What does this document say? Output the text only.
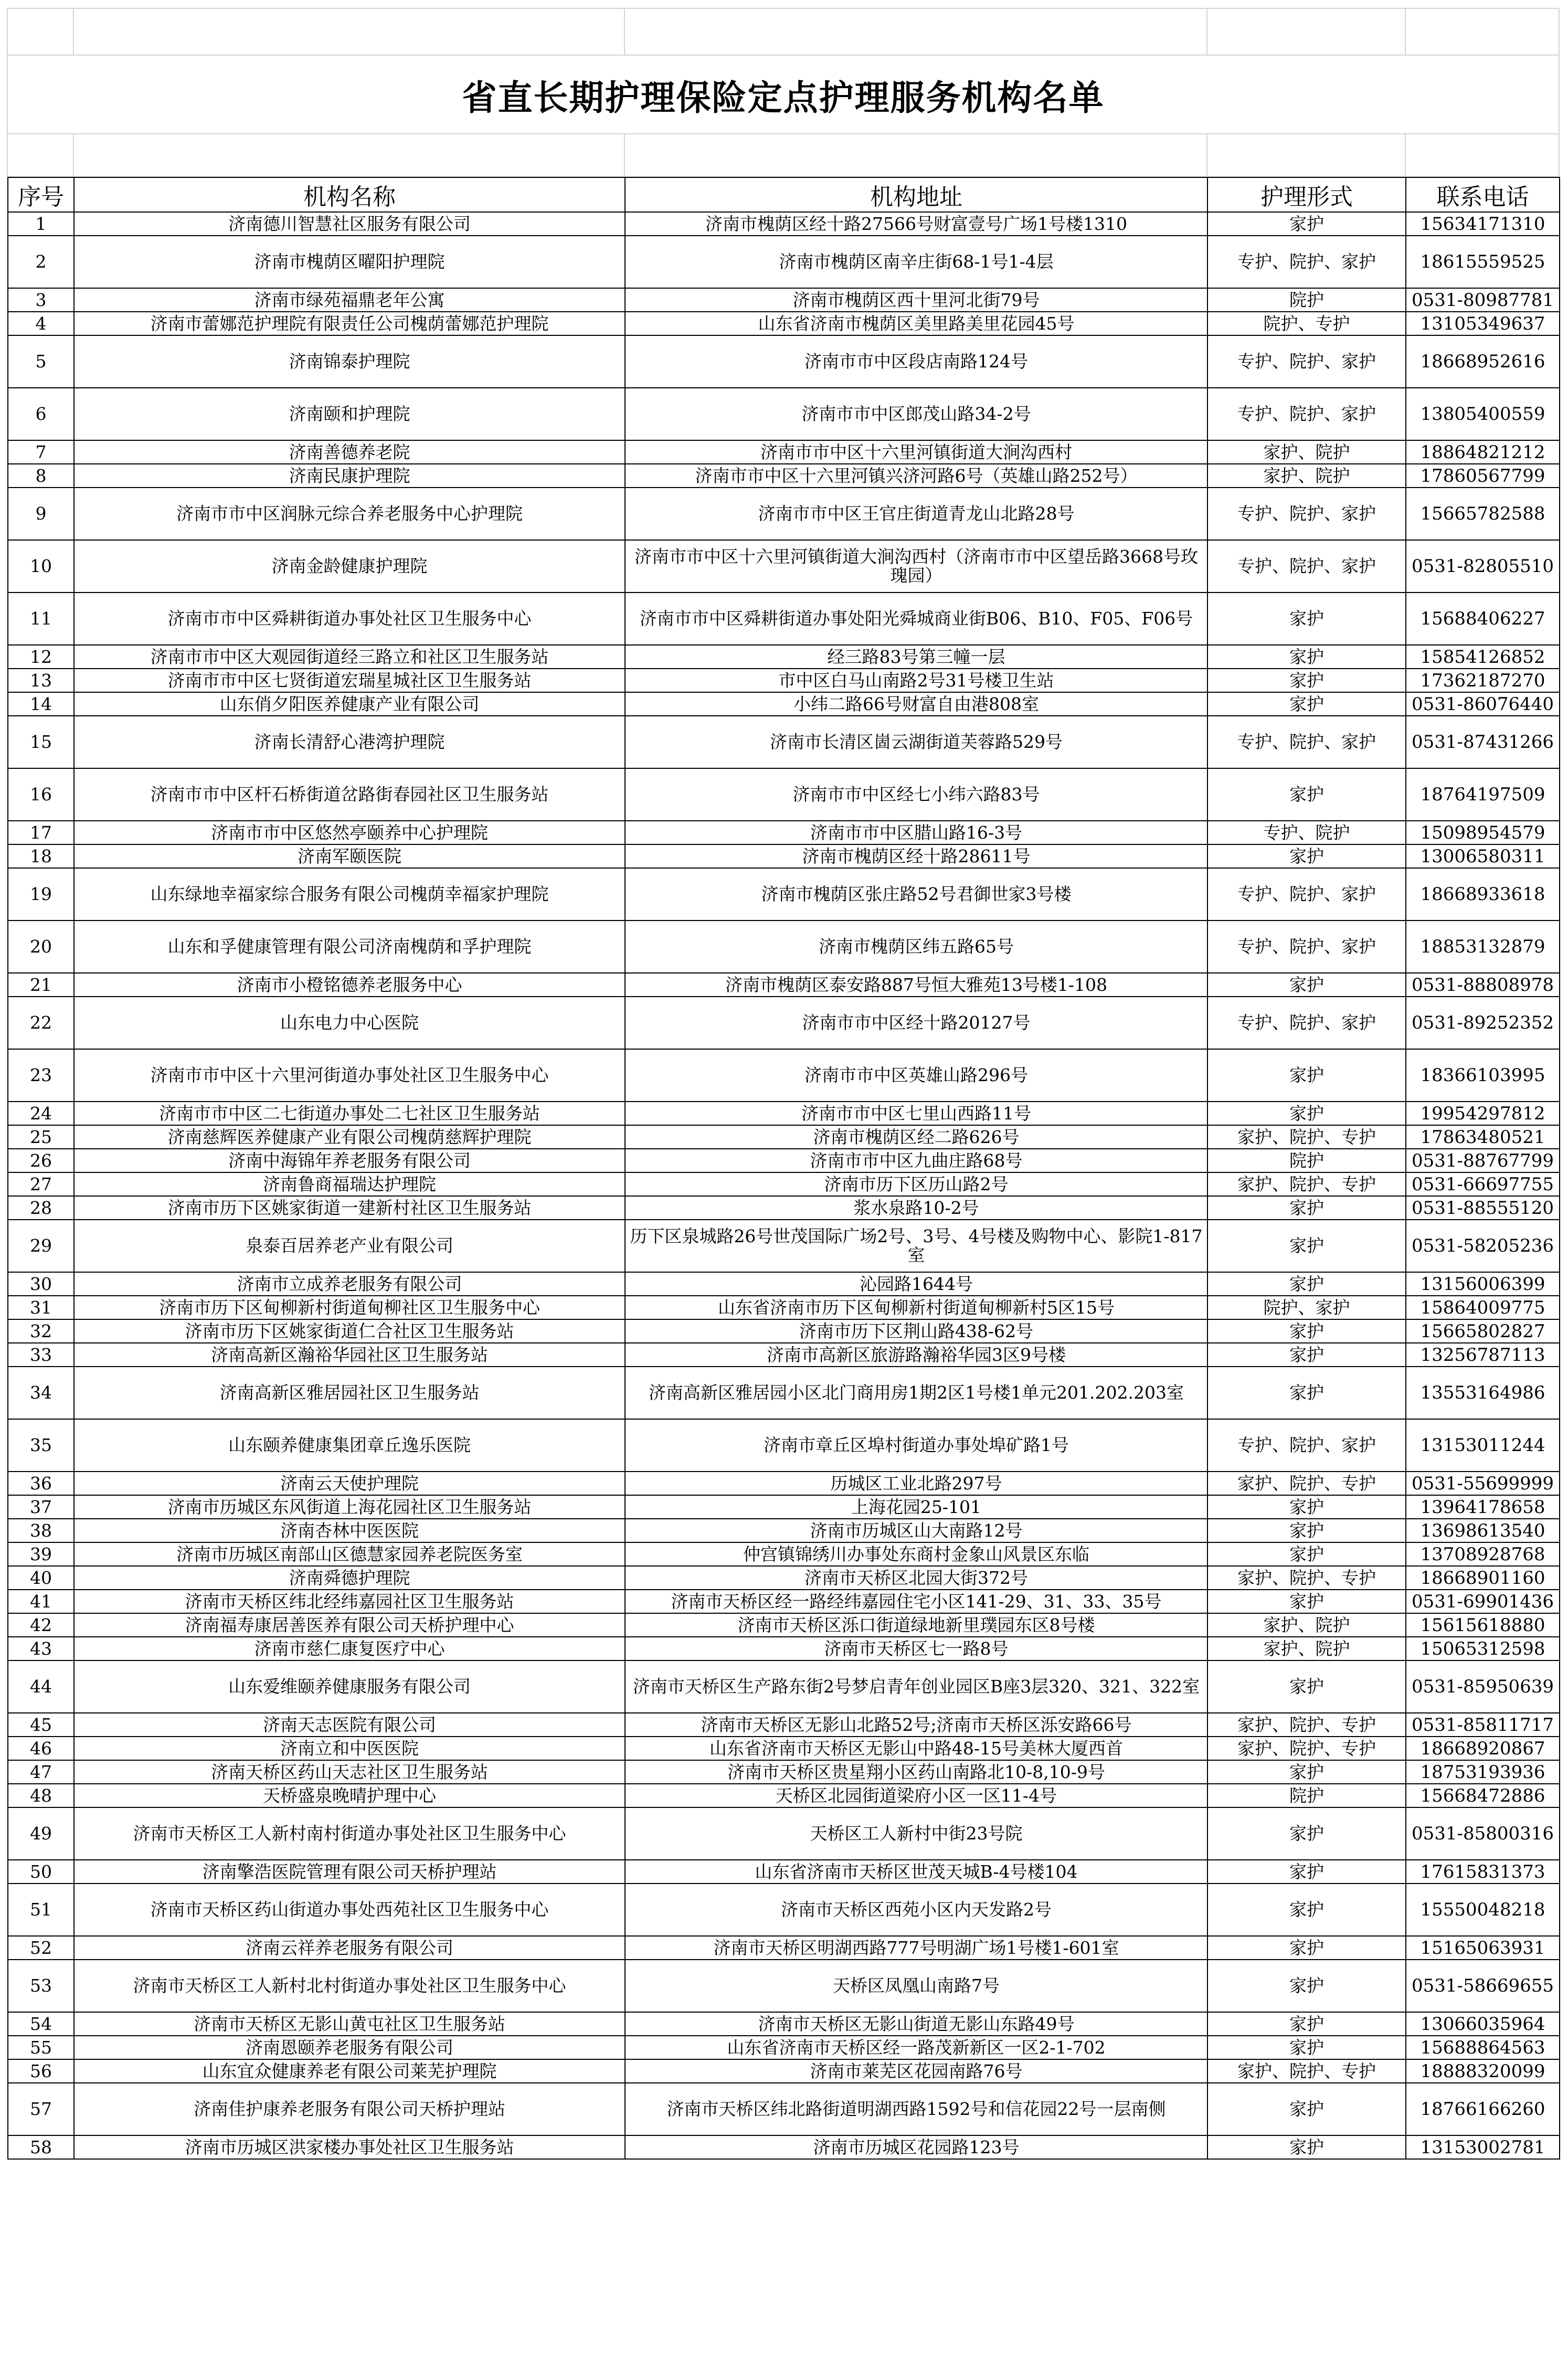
省直长期护理保险定点护理服务机构名单
序号	机构名称	机构地址	护理形式	联系电话
1	济南德川智慧社区服务有限公司	济南市槐荫区经十路27566号财富壹号广场1号楼1310	家护	15634171310
2	济南市槐荫区曜阳护理院	济南市槐荫区南辛庄街68-1号1-4层	专护、院护、家护	18615559525
3	济南市绿苑福鼎老年公寓	济南市槐荫区西十里河北街79号	院护	0531-80987781
4	济南市蕾娜范护理院有限责任公司槐荫蕾娜范护理院	山东省济南市槐荫区美里路美里花园45号	院护、专护	13105349637
5	济南锦泰护理院	济南市市中区段店南路124号	专护、院护、家护	18668952616
6	济南颐和护理院	济南市市中区郎茂山路34-2号	专护、院护、家护	13805400559
7	济南善德养老院	济南市市中区十六里河镇街道大涧沟西村	家护、院护	18864821212
8	济南民康护理院	济南市市中区十六里河镇兴济河路6号（英雄山路252号）	家护、院护	17860567799
9	济南市市中区润脉元综合养老服务中心护理院	济南市市中区王官庄街道青龙山北路28号	专护、院护、家护	15665782588
10	济南金龄健康护理院	济南市市中区十六里河镇街道大涧沟西村（济南市市中区望岳路3668号玫瑰园）	专护、院护、家护	0531-82805510
11	济南市市中区舜耕街道办事处社区卫生服务中心	济南市市中区舜耕街道办事处阳光舜城商业街B06、B10、F05、F06号	家护	15688406227
12	济南市市中区大观园街道经三路立和社区卫生服务站	经三路83号第三幢一层	家护	15854126852
13	济南市市中区七贤街道宏瑞星城社区卫生服务站	市中区白马山南路2号31号楼卫生站	家护	17362187270
14	山东俏夕阳医养健康产业有限公司	小纬二路66号财富自由港808室	家护	0531-86076440
15	济南长清舒心港湾护理院	济南市长清区崮云湖街道芙蓉路529号	专护、院护、家护	0531-87431266
16	济南市市中区杆石桥街道岔路街春园社区卫生服务站	济南市市中区经七小纬六路83号	家护	18764197509
17	济南市市中区悠然亭颐养中心护理院	济南市市中区腊山路16-3号	专护、院护	15098954579
18	济南军颐医院	济南市槐荫区经十路28611号	家护	13006580311
19	山东绿地幸福家综合服务有限公司槐荫幸福家护理院	济南市槐荫区张庄路52号君御世家3号楼	专护、院护、家护	18668933618
20	山东和孚健康管理有限公司济南槐荫和孚护理院	济南市槐荫区纬五路65号	专护、院护、家护	18853132879
21	济南市小橙铭德养老服务中心	济南市槐荫区泰安路887号恒大雅苑13号楼1-108	家护	0531-88808978
22	山东电力中心医院	济南市市中区经十路20127号	专护、院护、家护	0531-89252352
23	济南市市中区十六里河街道办事处社区卫生服务中心	济南市市中区英雄山路296号	家护	18366103995
24	济南市市中区二七街道办事处二七社区卫生服务站	济南市市中区七里山西路11号	家护	19954297812
25	济南慈辉医养健康产业有限公司槐荫慈辉护理院	济南市槐荫区经二路626号	家护、院护、专护	17863480521
26	济南中海锦年养老服务有限公司	济南市市中区九曲庄路68号	院护	0531-88767799
27	济南鲁商福瑞达护理院	济南市历下区历山路2号	家护、院护、专护	0531-66697755
28	济南市历下区姚家街道一建新村社区卫生服务站	浆水泉路10-2号	家护	0531-88555120
29	泉泰百居养老产业有限公司	历下区泉城路26号世茂国际广场2号、3号、4号楼及购物中心、影院1-817室	家护	0531-58205236
30	济南市立成养老服务有限公司	沁园路1644号	家护	13156006399
31	济南市历下区甸柳新村街道甸柳社区卫生服务中心	山东省济南市历下区甸柳新村街道甸柳新村5区15号	院护、家护	15864009775
32	济南市历下区姚家街道仁合社区卫生服务站	济南市历下区荆山路438-62号	家护	15665802827
33	济南高新区瀚裕华园社区卫生服务站	济南市高新区旅游路瀚裕华园3区9号楼	家护	13256787113
34	济南高新区雅居园社区卫生服务站	济南高新区雅居园小区北门商用房1期2区1号楼1单元201.202.203室	家护	13553164986
35	山东颐养健康集团章丘逸乐医院	济南市章丘区埠村街道办事处埠矿路1号	专护、院护、家护	13153011244
36	济南云天使护理院	历城区工业北路297号	家护、院护、专护	0531-55699999
37	济南市历城区东风街道上海花园社区卫生服务站	上海花园25-101	家护	13964178658
38	济南杏林中医医院	济南市历城区山大南路12号	家护	13698613540
39	济南市历城区南部山区德慧家园养老院医务室	仲宫镇锦绣川办事处东商村金象山风景区东临	家护	13708928768
40	济南舜德护理院	济南市天桥区北园大街372号	家护、院护、专护	18668901160
41	济南市天桥区纬北经纬嘉园社区卫生服务站	济南市天桥区经一路经纬嘉园住宅小区141-29、31、33、35号	家护	0531-69901436
42	济南福寿康居善医养有限公司天桥护理中心	济南市天桥区泺口街道绿地新里璞园东区8号楼	家护、院护	15615618880
43	济南市慈仁康复医疗中心	济南市天桥区七一路8号	家护、院护	15065312598
44	山东爱维颐养健康服务有限公司	济南市天桥区生产路东街2号梦启青年创业园区B座3层320、321、322室	家护	0531-85950639
45	济南天志医院有限公司	济南市天桥区无影山北路52号;济南市天桥区泺安路66号	家护、院护、专护	0531-85811717
46	济南立和中医医院	山东省济南市天桥区无影山中路48-15号美林大厦西首	家护、院护、专护	18668920867
47	济南天桥区药山天志社区卫生服务站	济南市天桥区贵星翔小区药山南路北10-8,10-9号	家护	18753193936
48	天桥盛泉晚晴护理中心	天桥区北园街道梁府小区一区11-4号	院护	15668472886
49	济南市天桥区工人新村南村街道办事处社区卫生服务中心	天桥区工人新村中街23号院	家护	0531-85800316
50	济南擎浩医院管理有限公司天桥护理站	山东省济南市天桥区世茂天城B-4号楼104	家护	17615831373
51	济南市天桥区药山街道办事处西苑社区卫生服务中心	济南市天桥区西苑小区内天发路2号	家护	15550048218
52	济南云祥养老服务有限公司	济南市天桥区明湖西路777号明湖广场1号楼1-601室	家护	15165063931
53	济南市天桥区工人新村北村街道办事处社区卫生服务中心	天桥区凤凰山南路7号	家护	0531-58669655
54	济南市天桥区无影山黄屯社区卫生服务站	济南市天桥区无影山街道无影山东路49号	家护	13066035964
55	济南恩颐养老服务有限公司	山东省济南市天桥区经一路茂新新区一区2-1-702	家护	15688864563
56	山东宜众健康养老有限公司莱芜护理院	济南市莱芜区花园南路76号	家护、院护、专护	18888320099
57	济南佳护康养老服务有限公司天桥护理站	济南市天桥区纬北路街道明湖西路1592号和信花园22号一层南侧	家护	18766166260
58	济南市历城区洪家楼办事处社区卫生服务站	济南市历城区花园路123号	家护	13153002781
